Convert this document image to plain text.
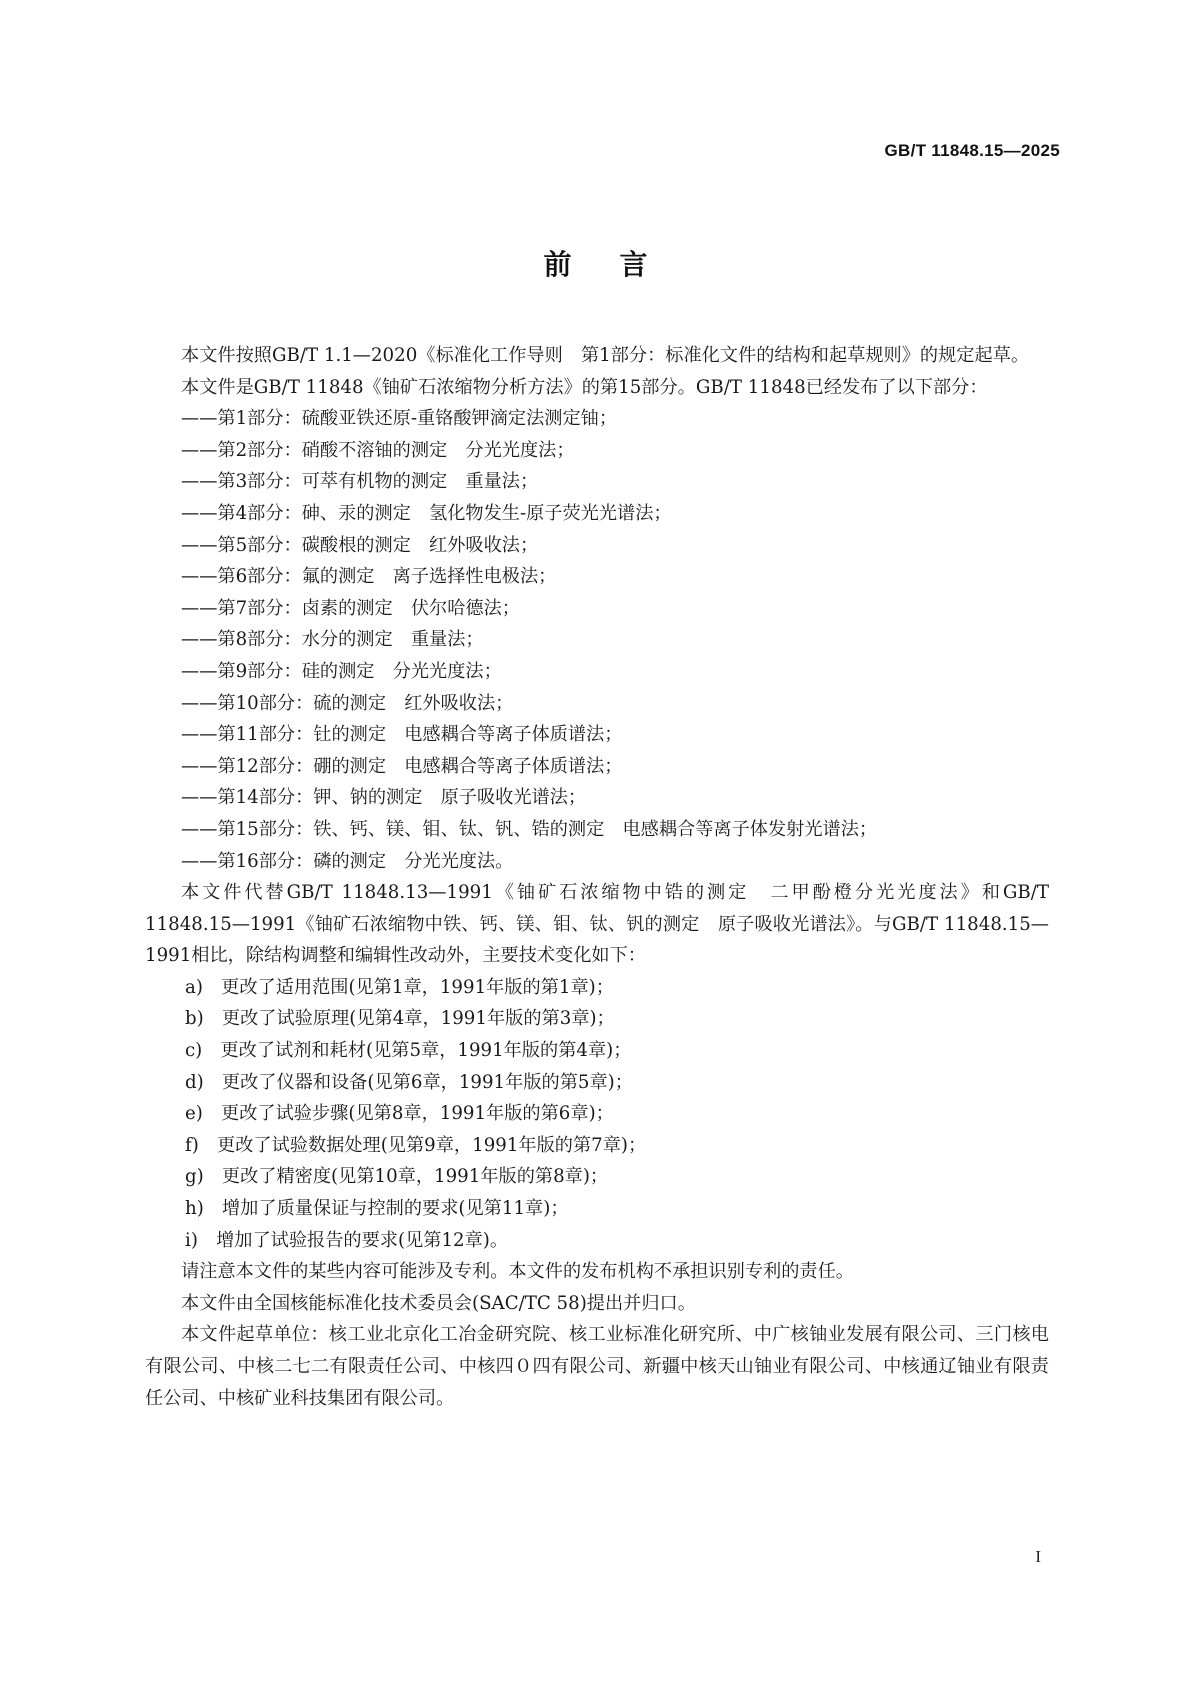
GB/T 11848.15—2025
前言

本文件按照GB/T 1.1—2020《标准化工作导则　第1部分：标准化文件的结构和起草规则》的规定起草。

本文件是GB/T 11848《铀矿石浓缩物分析方法》的第15部分。GB/T 11848已经发布了以下部分：

——第1部分：硫酸亚铁还原-重铬酸钾滴定法测定铀；

——第2部分：硝酸不溶铀的测定　分光光度法；

——第3部分：可萃有机物的测定　重量法；

——第4部分：砷、汞的测定　氢化物发生-原子荧光光谱法；

——第5部分：碳酸根的测定　红外吸收法；

——第6部分：氟的测定　离子选择性电极法；

——第7部分：卤素的测定　伏尔哈德法；

——第8部分：水分的测定　重量法；

——第9部分：硅的测定　分光光度法；

——第10部分：硫的测定　红外吸收法；

——第11部分：钍的测定　电感耦合等离子体质谱法；

——第12部分：硼的测定　电感耦合等离子体质谱法；

——第14部分：钾、钠的测定　原子吸收光谱法；

——第15部分：铁、钙、镁、钼、钛、钒、锆的测定　电感耦合等离子体发射光谱法；

——第16部分：磷的测定　分光光度法。

本文件代替GB/T 11848.13—1991《铀矿石浓缩物中锆的测定　二甲酚橙分光光度法》和GB/T 11848.15—1991《铀矿石浓缩物中铁、钙、镁、钼、钛、钒的测定　原子吸收光谱法》。与GB/T 11848.15—1991相比，除结构调整和编辑性改动外，主要技术变化如下：

a)　更改了适用范围(见第1章，1991年版的第1章)；

b)　更改了试验原理(见第4章，1991年版的第3章)；

c)　更改了试剂和耗材(见第5章，1991年版的第4章)；

d)　更改了仪器和设备(见第6章，1991年版的第5章)；

e)　更改了试验步骤(见第8章，1991年版的第6章)；

f)　更改了试验数据处理(见第9章，1991年版的第7章)；

g)　更改了精密度(见第10章，1991年版的第8章)；

h)　增加了质量保证与控制的要求(见第11章)；

i)　增加了试验报告的要求(见第12章)。

请注意本文件的某些内容可能涉及专利。本文件的发布机构不承担识别专利的责任。

本文件由全国核能标准化技术委员会(SAC/TC 58)提出并归口。

本文件起草单位：核工业北京化工冶金研究院、核工业标准化研究所、中广核铀业发展有限公司、三门核电有限公司、中核二七二有限责任公司、中核四０四有限公司、新疆中核天山铀业有限公司、中核通辽铀业有限责任公司、中核矿业科技集团有限公司。

I
